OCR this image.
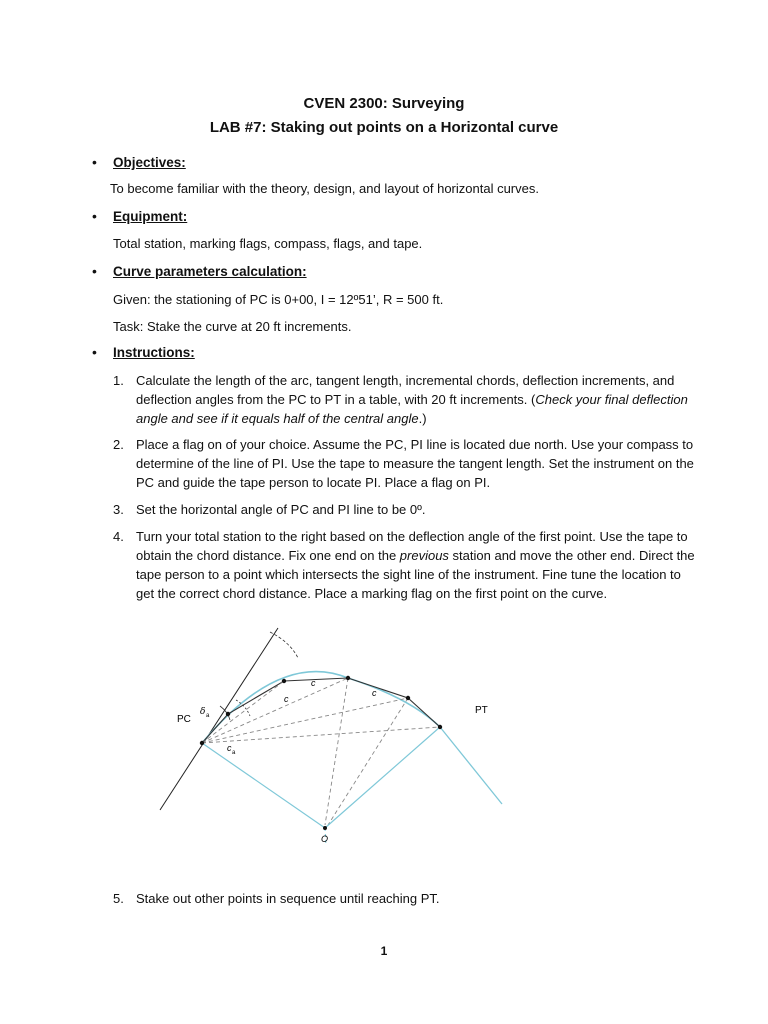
CVEN 2300: Surveying
LAB #7: Staking out points on a Horizontal curve
• Objectives:
To become familiar with the theory, design, and layout of horizontal curves.
• Equipment:
Total station, marking flags, compass, flags, and tape.
• Curve parameters calculation:
Given: the stationing of PC is 0+00, I = 12º51’, R = 500 ft.
Task: Stake the curve at 20 ft increments.
• Instructions:
1. Calculate the length of the arc, tangent length, incremental chords, deflection increments, and deflection angles from the PC to PT in a table, with 20 ft increments. (Check your final deflection angle and see if it equals half of the central angle.)
2. Place a flag on of your choice. Assume the PC, PI line is located due north. Use your compass to determine of the line of PI. Use the tape to measure the tangent length. Set the instrument on the PC and guide the tape person to locate PI. Place a flag on PI.
3. Set the horizontal angle of PC and PI line to be 0º.
4. Turn your total station to the right based on the deflection angle of the first point. Use the tape to obtain the chord distance. Fix one end on the previous station and move the other end. Direct the tape person to a point which intersects the sight line of the instrument. Fine tune the location to get the correct chord distance. Place a marking flag on the first point on the curve.
PC
PT
O
c
c
c
δ a
c a
5. Stake out other points in sequence until reaching PT.
1
